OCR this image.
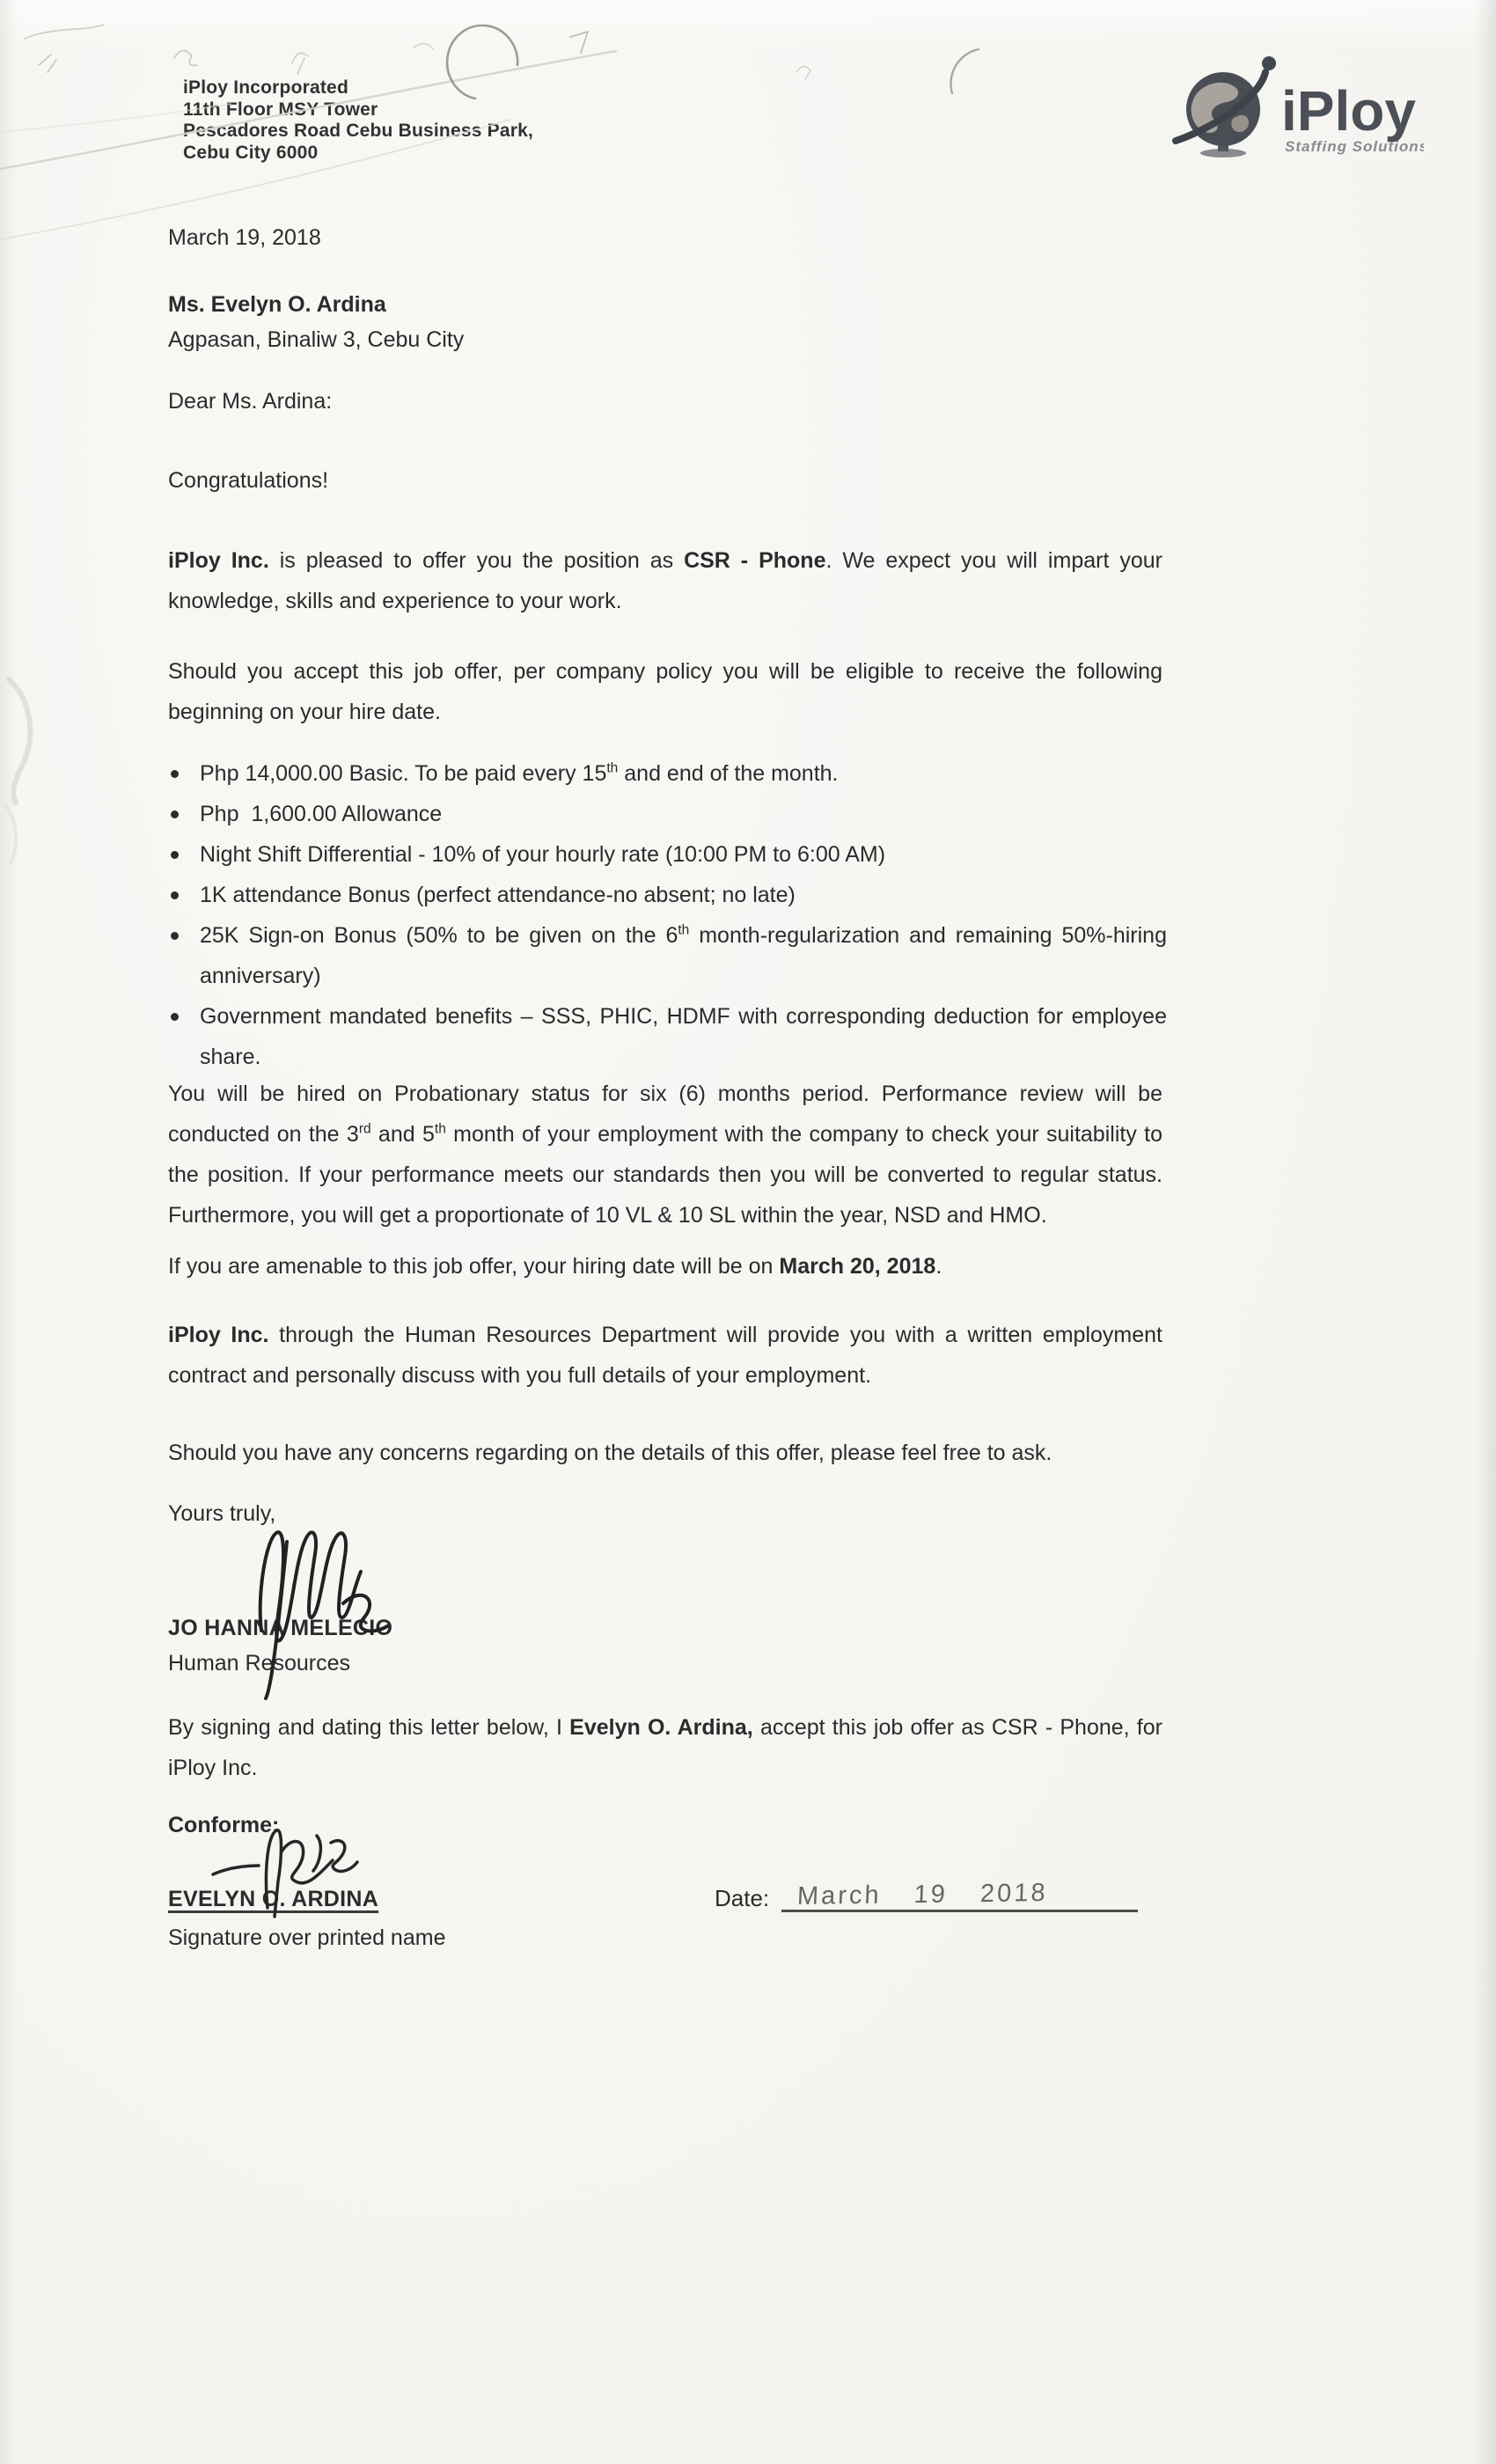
iPloy Incorporated
11th Floor MSY Tower
Pescadores Road Cebu Business Park,
Cebu City 6000
iPloy
Staffing Solutions
March 19, 2018
Ms. Evelyn O. Ardina
Agpasan, Binaliw 3, Cebu City
Dear Ms. Ardina:
Congratulations!

iPloy Inc. is pleased to offer you the position as CSR - Phone. We expect you will impart your knowledge, skills and experience to your work.

Should you accept this job offer, per company policy you will be eligible to receive the following beginning on your hire date.

Php 14,000.00 Basic. To be paid every 15th and end of the month.
Php  1,600.00 Allowance
Night Shift Differential - 10% of your hourly rate (10:00 PM to 6:00 AM)
1K attendance Bonus (perfect attendance-no absent; no late)
25K Sign-on Bonus (50% to be given on the 6th month-regularization and remaining 50%-hiring anniversary)
Government mandated benefits – SSS, PHIC, HDMF with corresponding deduction for employee share.

You will be hired on Probationary status for six (6) months period. Performance review will be conducted on the 3rd and 5th month of your employment with the company to check your suitability to the position. If your performance meets our standards then you will be converted to regular status. Furthermore, you will get a proportionate of 10 VL & 10 SL within the year, NSD and HMO.

If you are amenable to this job offer, your hiring date will be on March 20, 2018.

iPloy Inc. through the Human Resources Department will provide you with a written employment contract and personally discuss with you full details of your employment.

Should you have any concerns regarding on the details of this offer, please feel free to ask.

Yours truly,
JO HANNA MELECIO
Human Resources

By signing and dating this letter below, I Evelyn O. Ardina, accept this job offer as CSR - Phone, for iPloy Inc.

Conforme:
EVELYN O. ARDINA
Signature over printed name
Date: March 19 2018
